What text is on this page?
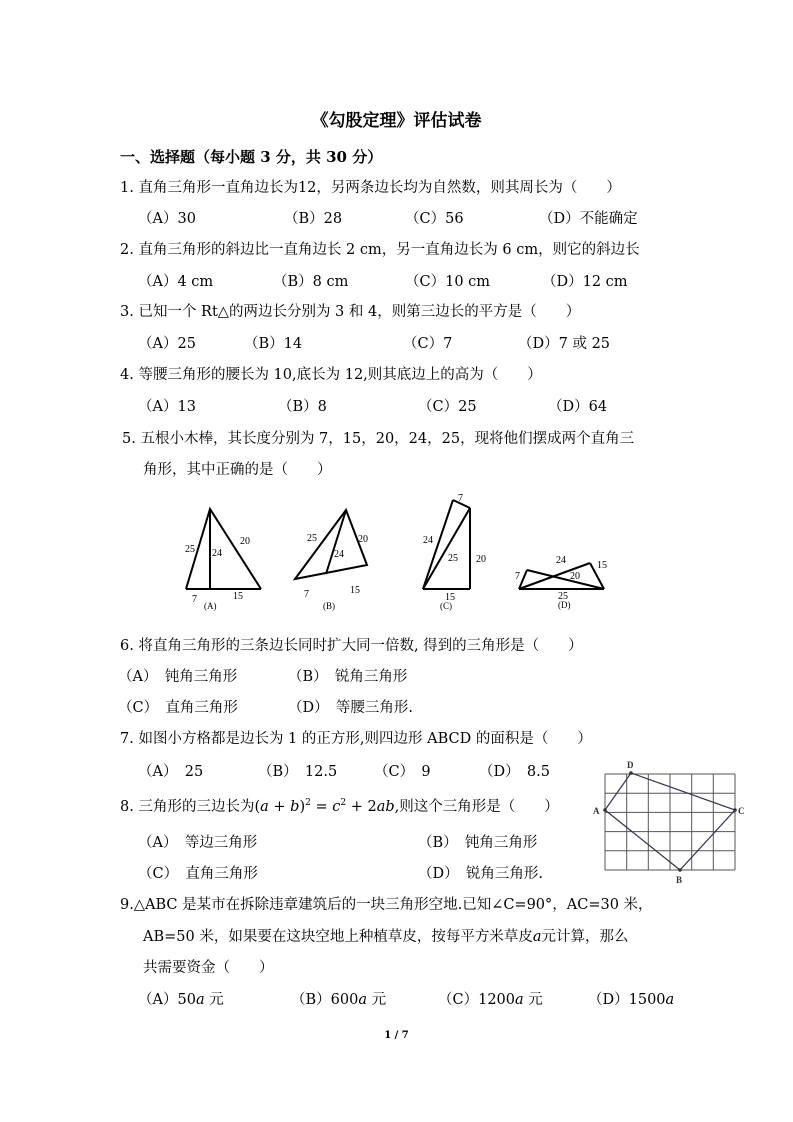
《勾股定理》评估试卷
一、选择题（每小题 3 分，共 30 分）
1. 直角三角形一直角边长为12，另两条边长均为自然数，则其周长为（　　）
（A）30	（B）28	（C）56	（D）不能确定
2. 直角三角形的斜边比一直角边长 2 cm，另一直角边长为 6 cm，则它的斜边长
（A）4 cm	（B）8 cm	（C）10 cm	（D）12 cm
3. 已知一个 Rt△的两边长分别为 3 和 4，则第三边长的平方是（　　）
（A）25	（B）14	（C）7	（D）7 或 25
4. 等腰三角形的腰长为 10,底长为 12,则其底边上的高为（　　）
（A）13	（B）8	（C）25	（D）64
5. 五根小木棒，其长度分别为 7，15，20，24，25，现将他们摆成两个直角三
角形，其中正确的是（　　）
25 24
20
7	15
(A)
25
24
20
7	15
(B)
7
24
25 20
15
(C)
24	15
7	20
25
(D)
6. 将直角三角形的三条边长同时扩大同一倍数, 得到的三角形是（　　）
（A）　钝角三角形	（B）　锐角三角形
（C）　直角三角形	（D）　等腰三角形.
7. 如图小方格都是边长为 1 的正方形,则四边形 ABCD 的面积是（　　）
（A）　25	（B）　12.5	（C）　9	（D）　8.5
A
D
C
B
8. 三角形的三边长为$(a + b)^2 = c^2 + 2ab$,则这个三角形是（　　）
（A）　等边三角形	（B）　钝角三角形
（C）　直角三角形	（D）　锐角三角形.
9.△ABC 是某市在拆除违章建筑后的一块三角形空地.已知∠C=90°，AC=30 米，
AB=50 米，如果要在这块空地上种植草皮，按每平方米草皮a元计算，那么
共需要资金（　　）
（A）50a 元	（B）600a 元	（C）1200a 元	（D）1500a
1 / 7
